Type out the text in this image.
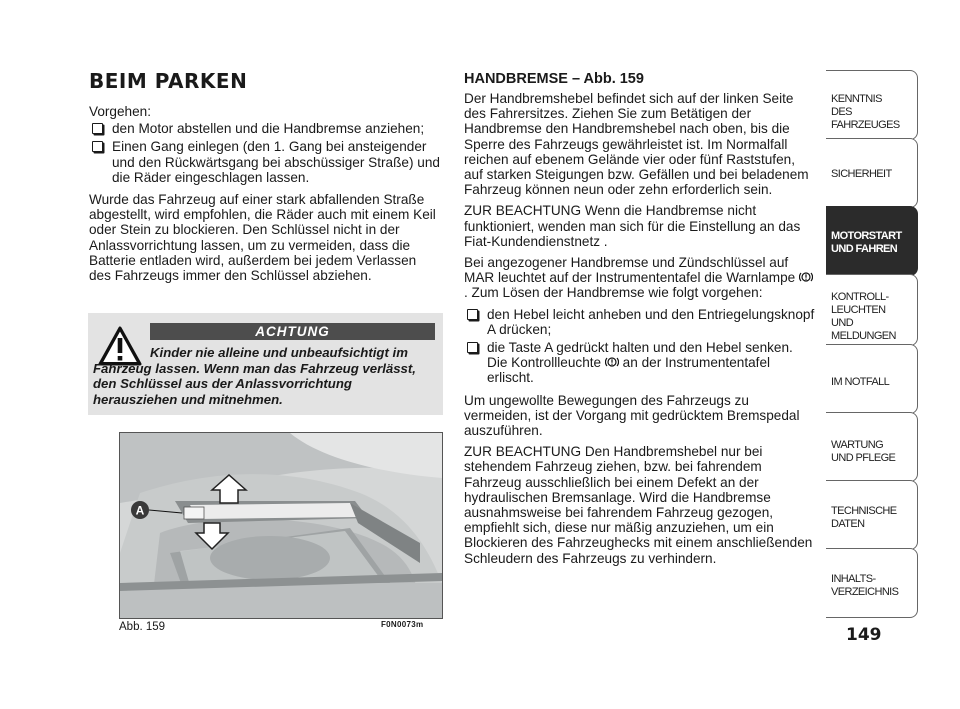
BEIM PARKEN

Vorgehen:

den Motor abstellen und die Handbremse anziehen;
Einen Gang einlegen (den 1. Gang bei ansteigender und den Rückwärtsgang bei abschüssiger Straße) und die Räder eingeschlagen lassen.

Wurde das Fahrzeug auf einer stark abfallenden Straße abgestellt, wird empfohlen, die Räder auch mit einem Keil oder Stein zu blockieren. Den Schlüssel nicht in der Anlassvorrichtung lassen, um zu vermeiden, dass die Batterie entladen wird, außerdem bei jedem Verlassen des Fahrzeugs immer den Schlüssel abziehen.

ACHTUNG
Kinder nie alleine und unbeaufsichtigt im Fahrzeug lassen. Wenn man das Fahrzeug verlässt, den Schlüssel aus der Anlassvorrichtung herausziehen und mitnehmen.
A
Abb. 159	F0N0073m
HANDBREMSE – Abb. 159

Der Handbremshebel befindet sich auf der linken Seite des Fahrersitzes. Ziehen Sie zum Betätigen der Handbremse den Handbremshebel nach oben, bis die Sperre des Fahrzeugs gewährleistet ist. Im Normalfall reichen auf ebenem Gelände vier oder fünf Raststufen, auf starken Steigungen bzw. Gefällen und bei beladenem Fahrzeug können neun oder zehn erforderlich sein.

ZUR BEACHTUNG Wenn die Handbremse nicht funktioniert, wenden man sich für die Einstellung an das Fiat-Kundendienstnetz .

Bei angezogener Handbremse und Zündschlüssel auf MAR leuchtet auf der Instrumententafel die Warnlampe . Zum Lösen der Handbremse wie folgt vorgehen:

den Hebel leicht anheben und den Entriegelungsknopf A drücken;
die Taste A gedrückt halten und den Hebel senken. Die Kontrollleuchte an der Instrumententafel erlischt.

Um ungewollte Bewegungen des Fahrzeugs zu vermeiden, ist der Vorgang mit gedrücktem Bremspedal auszuführen.

ZUR BEACHTUNG Den Handbremshebel nur bei stehendem Fahrzeug ziehen, bzw. bei fahrendem Fahrzeug ausschließlich bei einem Defekt an der hydraulischen Bremsanlage. Wird die Handbremse ausnahmsweise bei fahrendem Fahrzeug gezogen, empfiehlt sich, diese nur mäßig anzuziehen, um ein Blockieren des Fahrzeughecks mit einem anschließenden Schleudern des Fahrzeugs zu verhindern.

KENNTNIS
DES FAHRZEUGES
SICHERHEIT
MOTORSTART
UND FAHREN
KONTROLL-
LEUCHTEN
UND MELDUNGEN
IM NOTFALL
WARTUNG
UND PFLEGE
TECHNISCHE
DATEN
INHALTS-
VERZEICHNIS
149
